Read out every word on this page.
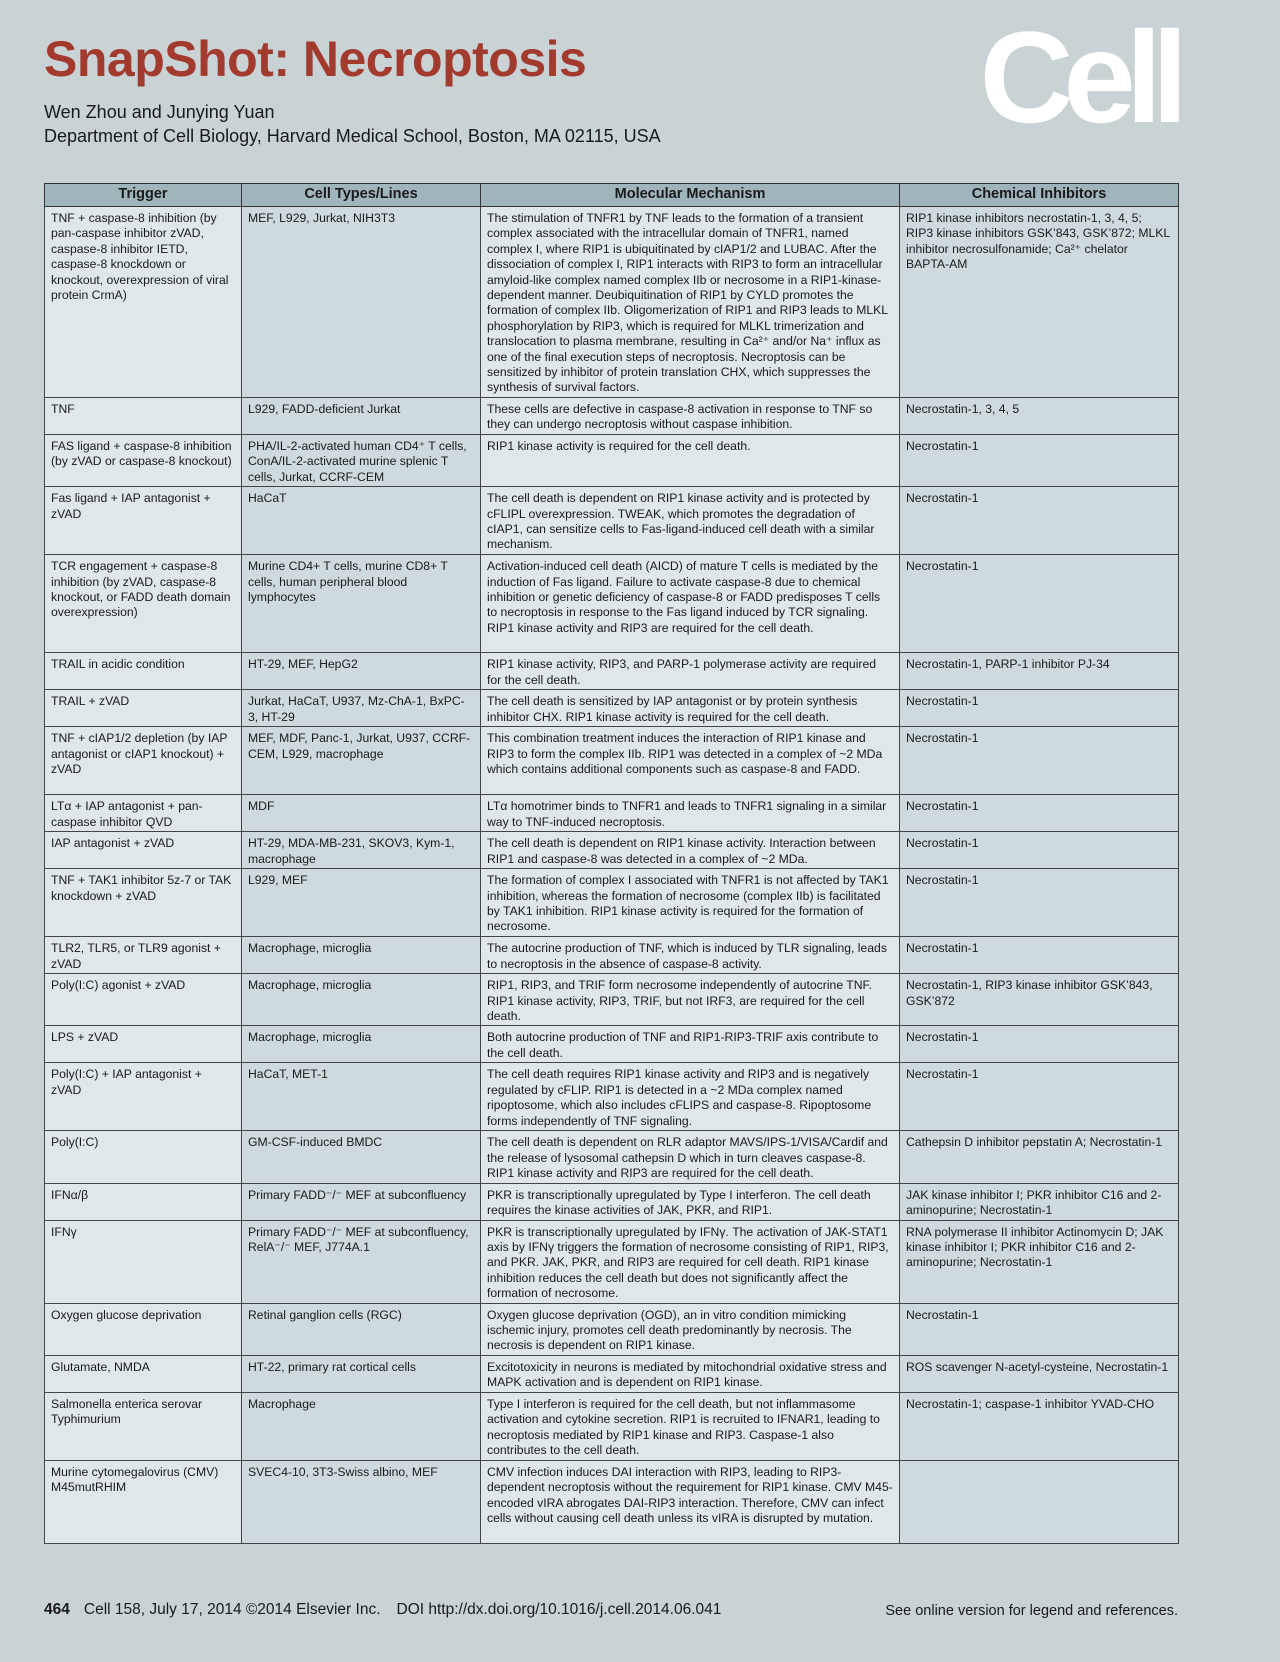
SnapShot: Necroptosis
Wen Zhou and Junying Yuan
Department of Cell Biology, Harvard Medical School, Boston, MA 02115, USA Cell
Trigger	Cell Types/Lines	Molecular Mechanism	Chemical Inhibitors
TNF + caspase-8 inhibition (by pan-caspase inhibitor zVAD, caspase-8 inhibitor IETD, caspase-8 knockdown or knockout, overexpression of viral protein CrmA)	MEF, L929, Jurkat, NIH3T3	The stimulation of TNFR1 by TNF leads to the formation of a transient complex associated with the intracellular domain of TNFR1, named complex I, where RIP1 is ubiquitinated by cIAP1/2 and LUBAC. After the dissociation of complex I, RIP1 interacts with RIP3 to form an intracellular amyloid-like complex named complex IIb or necrosome in a RIP1-kinase-dependent manner. Deubiquitination of RIP1 by CYLD promotes the formation of complex IIb. Oligomerization of RIP1 and RIP3 leads to MLKL phosphorylation by RIP3, which is required for MLKL trimerization and translocation to plasma membrane, resulting in Ca²⁺ and/or Na⁺ influx as one of the final execution steps of necroptosis. Necroptosis can be sensitized by inhibitor of protein translation CHX, which suppresses the synthesis of survival factors.	RIP1 kinase inhibitors necrostatin-1, 3, 4, 5; RIP3 kinase inhibitors GSK’843, GSK’872; MLKL inhibitor necrosulfonamide; Ca²⁺ chelator BAPTA-AM
TNF	L929, FADD-deficient Jurkat	These cells are defective in caspase-8 activation in response to TNF so they can undergo necroptosis without caspase inhibition.	Necrostatin-1, 3, 4, 5
FAS ligand + caspase-8 inhibition (by zVAD or caspase-8 knockout)	PHA/IL-2-activated human CD4⁺ T cells, ConA/IL-2-activated murine splenic T cells, Jurkat, CCRF-CEM	RIP1 kinase activity is required for the cell death.	Necrostatin-1
Fas ligand + IAP antagonist + zVAD	HaCaT	The cell death is dependent on RIP1 kinase activity and is protected by cFLIPL overexpression. TWEAK, which promotes the degradation of cIAP1, can sensitize cells to Fas-ligand-induced cell death with a similar mechanism.	Necrostatin-1
TCR engagement + caspase-8 inhibition (by zVAD, caspase-8 knockout, or FADD death domain overexpression)	Murine CD4+ T cells, murine CD8+ T cells, human peripheral blood lymphocytes	Activation-induced cell death (AICD) of mature T cells is mediated by the induction of Fas ligand. Failure to activate caspase-8 due to chemical inhibition or genetic deficiency of caspase-8 or FADD predisposes T cells to necroptosis in response to the Fas ligand induced by TCR signaling. RIP1 kinase activity and RIP3 are required for the cell death.	Necrostatin-1
TRAIL in acidic condition	HT-29, MEF, HepG2	RIP1 kinase activity, RIP3, and PARP-1 polymerase activity are required for the cell death.	Necrostatin-1, PARP-1 inhibitor PJ-34
TRAIL + zVAD	Jurkat, HaCaT, U937, Mz-ChA-1, BxPC-3, HT-29	The cell death is sensitized by IAP antagonist or by protein synthesis inhibitor CHX. RIP1 kinase activity is required for the cell death.	Necrostatin-1
TNF + cIAP1/2 depletion (by IAP antagonist or cIAP1 knockout) + zVAD	MEF, MDF, Panc-1, Jurkat, U937, CCRF-CEM, L929, macrophage	This combination treatment induces the interaction of RIP1 kinase and RIP3 to form the complex IIb. RIP1 was detected in a complex of ~2 MDa which contains additional components such as caspase-8 and FADD.	Necrostatin-1
LTα + IAP antagonist + pan-caspase inhibitor QVD	MDF	LTα homotrimer binds to TNFR1 and leads to TNFR1 signaling in a similar way to TNF-induced necroptosis.	Necrostatin-1
IAP antagonist + zVAD	HT-29, MDA-MB-231, SKOV3, Kym-1, macrophage	The cell death is dependent on RIP1 kinase activity. Interaction between RIP1 and caspase-8 was detected in a complex of ~2 MDa.	Necrostatin-1
TNF + TAK1 inhibitor 5z-7 or TAK knockdown + zVAD	L929, MEF	The formation of complex I associated with TNFR1 is not affected by TAK1 inhibition, whereas the formation of necrosome (complex IIb) is facilitated by TAK1 inhibition. RIP1 kinase activity is required for the formation of necrosome.	Necrostatin-1
TLR2, TLR5, or TLR9 agonist + zVAD	Macrophage, microglia	The autocrine production of TNF, which is induced by TLR signaling, leads to necroptosis in the absence of caspase-8 activity.	Necrostatin-1
Poly(I:C) agonist + zVAD	Macrophage, microglia	RIP1, RIP3, and TRIF form necrosome independently of autocrine TNF. RIP1 kinase activity, RIP3, TRIF, but not IRF3, are required for the cell death.	Necrostatin-1, RIP3 kinase inhibitor GSK’843, GSK’872
LPS + zVAD	Macrophage, microglia	Both autocrine production of TNF and RIP1-RIP3-TRIF axis contribute to the cell death.	Necrostatin-1
Poly(I:C) + IAP antagonist + zVAD	HaCaT, MET-1	The cell death requires RIP1 kinase activity and RIP3 and is negatively regulated by cFLIP. RIP1 is detected in a ~2 MDa complex named ripoptosome, which also includes cFLIPS and caspase-8. Ripoptosome forms independently of TNF signaling.	Necrostatin-1
Poly(I:C)	GM-CSF-induced BMDC	The cell death is dependent on RLR adaptor MAVS/IPS-1/VISA/Cardif and the release of lysosomal cathepsin D which in turn cleaves caspase-8. RIP1 kinase activity and RIP3 are required for the cell death.	Cathepsin D inhibitor pepstatin A; Necrostatin-1
IFNα/β	Primary FADD⁻/⁻ MEF at subconfluency	PKR is transcriptionally upregulated by Type I interferon. The cell death requires the kinase activities of JAK, PKR, and RIP1.	JAK kinase inhibitor I; PKR inhibitor C16 and 2-aminopurine; Necrostatin-1
IFNγ	Primary FADD⁻/⁻ MEF at subconfluency, RelA⁻/⁻ MEF, J774A.1	PKR is transcriptionally upregulated by IFNγ. The activation of JAK-STAT1 axis by IFNγ triggers the formation of necrosome consisting of RIP1, RIP3, and PKR. JAK, PKR, and RIP3 are required for cell death. RIP1 kinase inhibition reduces the cell death but does not significantly affect the formation of necrosome.	RNA polymerase II inhibitor Actinomycin D; JAK kinase inhibitor I; PKR inhibitor C16 and 2-aminopurine; Necrostatin-1
Oxygen glucose deprivation	Retinal ganglion cells (RGC)	Oxygen glucose deprivation (OGD), an in vitro condition mimicking ischemic injury, promotes cell death predominantly by necrosis. The necrosis is dependent on RIP1 kinase.	Necrostatin-1
Glutamate, NMDA	HT-22, primary rat cortical cells	Excitotoxicity in neurons is mediated by mitochondrial oxidative stress and MAPK activation and is dependent on RIP1 kinase.	ROS scavenger N-acetyl-cysteine, Necrostatin-1
Salmonella enterica serovar Typhimurium	Macrophage	Type I interferon is required for the cell death, but not inflammasome activation and cytokine secretion. RIP1 is recruited to IFNAR1, leading to necroptosis mediated by RIP1 kinase and RIP3. Caspase-1 also contributes to the cell death.	Necrostatin-1; caspase-1 inhibitor YVAD-CHO
Murine cytomegalovirus (CMV) M45mutRHIM	SVEC4-10, 3T3-Swiss albino, MEF	CMV infection induces DAI interaction with RIP3, leading to RIP3-dependent necroptosis without the requirement for RIP1 kinase. CMV M45-encoded vIRA abrogates DAI-RIP3 interaction. Therefore, CMV can infect cells without causing cell death unless its vIRA is disrupted by mutation.	
464 Cell 158, July 17, 2014 ©2014 Elsevier Inc. DOI http://dx.doi.org/10.1016/j.cell.2014.06.041	See online version for legend and references.
